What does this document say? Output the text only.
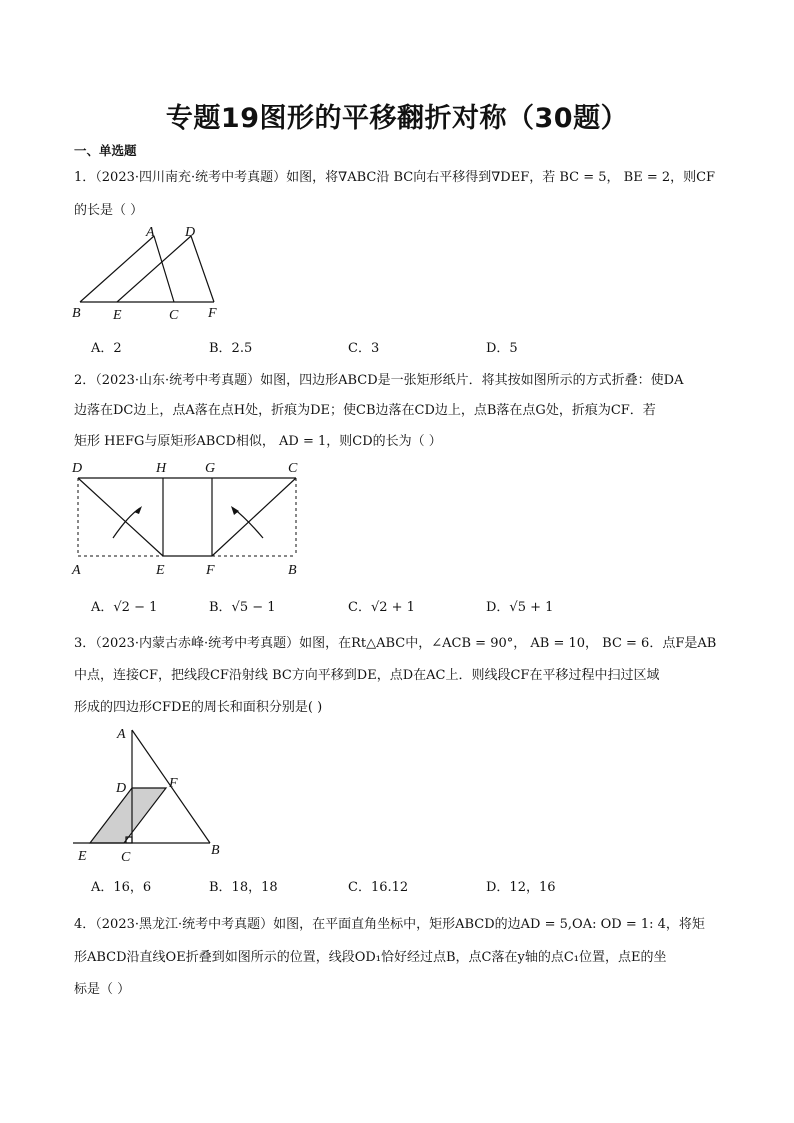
专题19图形的平移翻折对称（30题）
一、单选题
1．（2023·四川南充·统考中考真题）如图，将∇ABC沿 BC向右平移得到∇DEF，若 BC = 5， BE = 2，则CF
的长是（ ）
A D
B E	C F
A．2	B．2.5	C．3	D．5
2．（2023·山东·统考中考真题）如图，四边形ABCD是一张矩形纸片．将其按如图所示的方式折叠：使DA
边落在DC边上，点A落在点H处，折痕为DE；使CB边落在CD边上，点B落在点G处，折痕为CF．若
矩形 HEFG与原矩形ABCD相似， AD = 1，则CD的长为（ ）
D	H	G	C
A	E	F	B
A．√2 − 1	B．√5 − 1	C．√2 + 1	D．√5 + 1
3．（2023·内蒙古赤峰·统考中考真题）如图，在Rt△ABC中，∠ACB = 90°， AB = 10， BC = 6．点F是AB
中点，连接CF，把线段CF沿射线 BC方向平移到DE，点D在AC上．则线段CF在平移过程中扫过区域
形成的四边形CFDE的周长和面积分别是( )
A
D	F
E C	B
A．16，6	B．18，18	C．16.12	D．12，16
4．（2023·黑龙江·统考中考真题）如图，在平面直角坐标中，矩形ABCD的边AD = 5,OA: OD = 1: 4，将矩
形ABCD沿直线OE折叠到如图所示的位置，线段OD₁恰好经过点B，点C落在y轴的点C₁位置，点E的坐
标是（ ）
